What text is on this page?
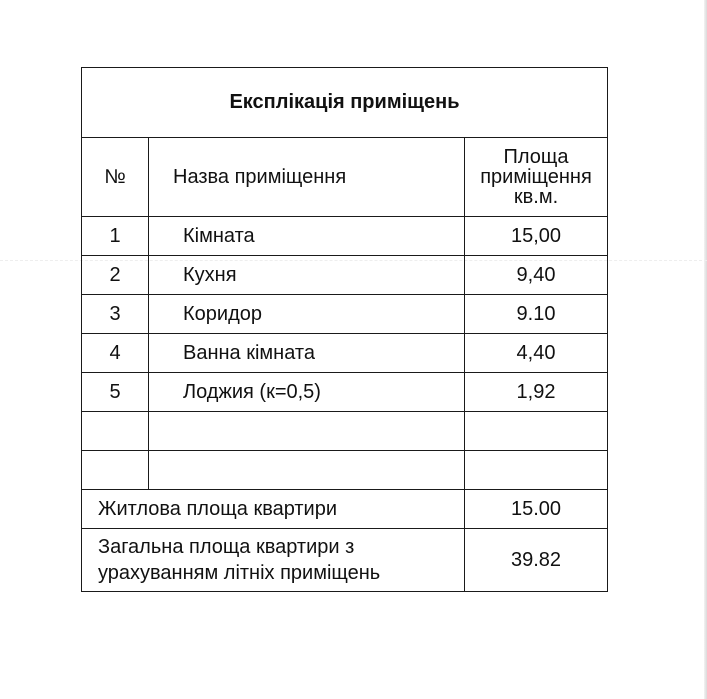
Експлікація приміщень		
№	Назва приміщення	Площа
приміщення
кв.м.

1	Кімната	15,00
2	Кухня	9,40
3	Коридор	9.10
4	Ванна кімната	4,40
5	Лоджия (к=0,5)	1,92

Житлова площа квартири		15.00

Загальна площа квартири з
урахуванням літніх приміщень		39.82
